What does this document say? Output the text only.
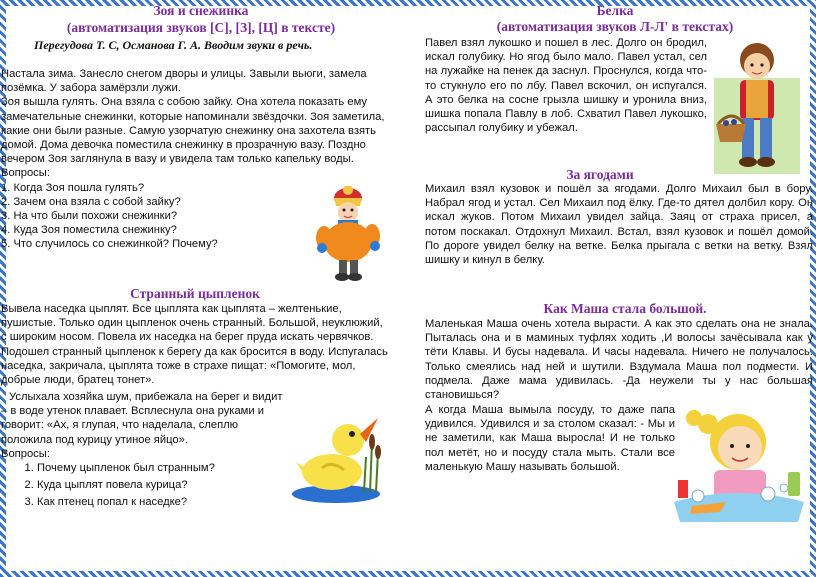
Зоя и снежинка
(автоматизация звуков [С], [З], [Ц] в тексте)
Перегудова Т. С, Османова Г. А. Вводим звуки в речь.

Настала зима. Занесло снегом дворы и улицы. Завыли вьюги, замела позёмка. У забора замёрзли лужи.

Зоя вышла гулять. Она взяла с собою зайку. Она хотела показать ему замечательные снежинки, которые напоминали звёздочки. Зоя заметила, какие они были разные. Самую узорчатую снежинку она захотела взять домой. Дома девочка поместила снежинку в прозрачную вазу. Поздно вечером Зоя заглянула в вазу и увидела там только капельку воды.

Вопросы:

1. Когда Зоя пошла гулять?

2. Зачем она взяла с собой зайку?

3. На что были похожи снежинки?

4. Куда Зоя поместила снежинку?

5. Что случилось со снежинкой? Почему?

Странный цыпленок

Вывела наседка цыплят. Все цыплята как цыплята – желтенькие, пушистые. Только один цыпленок очень странный. Большой, неуклюжий, с широким носом. Повела их наседка на берег пруда искать червячков. Подошел странный цыпленок к берегу да как бросится в воду. Испугалась наседка, закричала, цыплята тоже в страхе пищат: «Помогите, мол, добрые люди, братец тонет».

Услыхала хозяйка шум, прибежала на берег и видит – в воде утенок плавает. Всплеснула она руками и говорит: «Ах, я глупая, что наделала, слеплю положила под курицу утиное яйцо».

Вопросы:

1. Почему цыпленок был странным?
2. Куда цыплят повела курица?
3. Как птенец попал к наседке?
Белка
(автоматизация звуков Л-Л' в текстах)

Павел взял лукошко и пошел в лес. Долго он бродил, искал голубику. Но ягод было мало. Павел устал, сел на лужайке на пенек да заснул. Проснулся, когда что-то стукнуло его по лбу. Павел вскочил, он испугался. А это белка на сосне грызла шишку и уронила вниз, шишка попала Павлу в лоб. Схватил Павел лукошко, рассыпал голубику и убежал.

За ягодами

Михаил взял кузовок и пошёл за ягодами. Долго Михаил был в бору. Набрал ягод и устал. Сел Михаил под ёлку. Где-то дятел долбил кору. Он искал жуков. Потом Михаил увидел зайца. Заяц от страха присел, а потом поскакал. Отдохнул Михаил. Встал, взял кузовок и пошёл домой. По дороге увидел белку на ветке. Белка прыгала с ветки на ветку. Взял шишку и кинул в белку.

Как Маша стала большой.

Маленькая Маша очень хотела вырасти. А как это сделать она не знала. Пыталась она и в маминых туфлях ходить ,И волосы зачёсывала как у тёти Клавы. И бусы надевала. И часы надевала. Ничего не получалось. Только смеялись над ней и шутили. Вздумала Маша пол подмести. И подмела. Даже мама удивилась. -Да неужели ты у нас большая становишься?

А когда Маша вымыла посуду, то даже папа удивился. Удивился и за столом сказал: - Мы и не заметили, как Маша выросла! И не только пол метёт, но и посуду стала мыть. Стали все маленькую Машу называть большой.
